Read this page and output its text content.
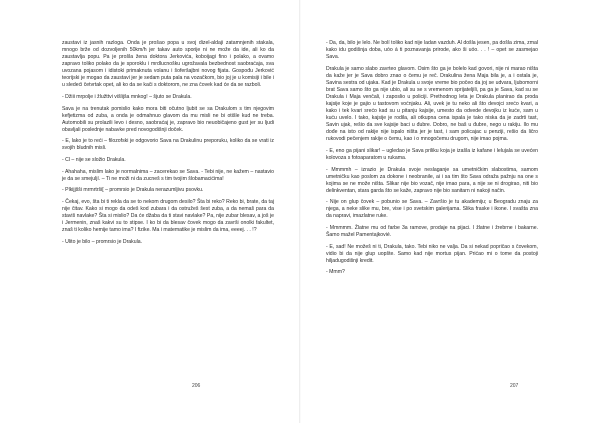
zaustavi iz jasnih razloga. Onda je prošao popa u svoj dizel-aldaji zatamnjenih stakala, mnogo brže od dozvoljenih 50km/h jer takav auto sporije ni ne može da ide, ali ko da zaustavlja popu. Pa je prošla žena doktora Jerkovića, koboijagi fino i polako, a ovamo zapravo toliko polako da je sporoklu i mrdlucnošku ugrožavala bezbednost saobraćaja, sva uvozana pojasom i idistoki primaknuta volanu i šoferšajbni novog fijata. Gospođu Jerković teorijski je mogao da zaustavi jer je sedam puta pala na vozačkom, bio joj je u komisiji i bile i u sledeći četvrtak opet, ali ko da se kači s doktorom, ne zna čovek kad će da se razboli.

- Džiii mrpolje i žlužttvi višlijša mnkog! – šjuto se Drakula.

Sava je na trenutak pomislio kako mora biti očutno ljubit se sa Drakulom s tim njegovim kefjetizma od zuba, a onda je odmahnuo glavom da mu misli ne bi otišle kud ne treba. Automobili su prolazili levo i desno, saobraćaj je, zapravo bio neuobičajeno gust jer su ljudi obavljali poslednje nabavke pred novogodišnji doček.

- E, lako je to reći – filozofski je odgovorio Sava na Drakulinu preporuku, koliko da se vrati iz svojih bludnih misli.

- Cl – nije se složio Drakula.

- Ahahaha, mislim lako je normalnima – zacerekao se Sava. - Tebi nije, ne kažem – nastavio je da se smejuljí. – Ti ne moži ni da zucneš s tim tvojim šlobamacićima!

- Plkijjšši mrmrtrši[ – promrsio je Drakula nerazumljivu psovku.

- Čekaj, evo, šta bi ti rekla da se to nekom drugom desilo? Šta bi reko? Reko bi, brate, da taj nije čitav. Kako si mogo da odeš kod zubara i da ostružeš šest zuba, a da nemaš para da staviš navlake? Šta si mislio? Da će džaba da ti stavi navlake? Pa, nije zubar blesav, a još je i Jermenin, znaš kakvi su to stipse. I ko bi da blesav čovek mogo da završi onolki fakultet, znaš ti koliko hemije tamo ima? I fizike. Ma i matematike je mislim da ima, eeeej. . . !?

- Ulito je bilo – promrsio je Drakula.

206

- Da, da, bilo je lelo. Ne bolí toliko kad nije ladan vazduh. Al došla jesen, pa došla zima, zmal kako idu godišnja doba, uóo á ti poznavanja prirode, ako ši uóo. . . ! – opet se zasmejao Sava.

Drakula je samo slabo zavrteo glavom. Osim što ga je bolelo kad govori, nije ni marao ništa da kaže jer je Sava dobro znao o čemu je reč. Drakulina žena Maja bila je, a i ostala je, Savina sestra od ujaka. Kad je Drakula u svoje vreme bio počeo da joj se udvara, ljubomorni brat Sava samo što ga nije ubio, ali su se s vremenom sprijateljili, pa ga je Sava, kad su se Drakula i Maja venčali, i zaposlio u policiji. Prethodnog leta je Drakula planirao da proda kajsije koje je gajio u tastovom voćnjaku. Ali, uvek je tu neko ali što devojci srećo kvari, a kako i tek kvari srećo kad su u pitanju kajsije, umesto da odvede devojku iz kuće, sam u kuću uvelo. I tako, kajsije je rodila, ali otkupna cena ispala je tako niska da je zadrti tast, Savin ujak, rešio da sve kajsije baci u đubre. Dobro, ne baš u đubre, nego u rakiju. Ilo mu dođe na isto od rakije nije ispalo ništa jer je tast, i sam policajac u penziji, rešio da ličro rukovodi pečenjem rakije o čemu, kao i o mnogočemu drugom, nije imao pojma.

- E, eno ga pijani slikar! – ugledao je Sava priliku koja je izašla iz kafane i lelujala se uvećen kolovoza s fotoaparatom u rukama.

- Mmmmh – izrazio je Drakula svoje neslaganje sa umetničkim slabostima, samom umetničku kao poslom za dokone i neobranile, ai i sa tim što Sava odraža pažnju na one s kojima se ne može ništa. Slikar nije bio vozač, nije imao para, a nije se ni drogirao, niti bio delinkventan, stara garda što se kaže, zapravo nije bio sanitarn ni nakoji način.

- Nije on glup čovek – pobunio se Sava. – Završio je tu akademiju; u Beogradu znaju za njega, a neke slike mu, bre, vise i po svetskim galerijama. Slika fraske i ikone. I svašta zna da napravi, imazlatne ruke.

- Mmmmm. Žlatne mu od farbe 3a ramove, prodaje na pijaci. I žlatne i žrebrne i bakarne. Šamo mažel Pamentajkovié.

- E, sad! Ne možeš ni ti, Drakula, tako. Tebi niko ne valja. Da si nekad popričao s čovekom, vidio bi da nije glup uopšte. Samo kad nije mortus pijan. Prićao mi o tome da postoji hiljadugodišnji kredit.

- Mmm?

207
